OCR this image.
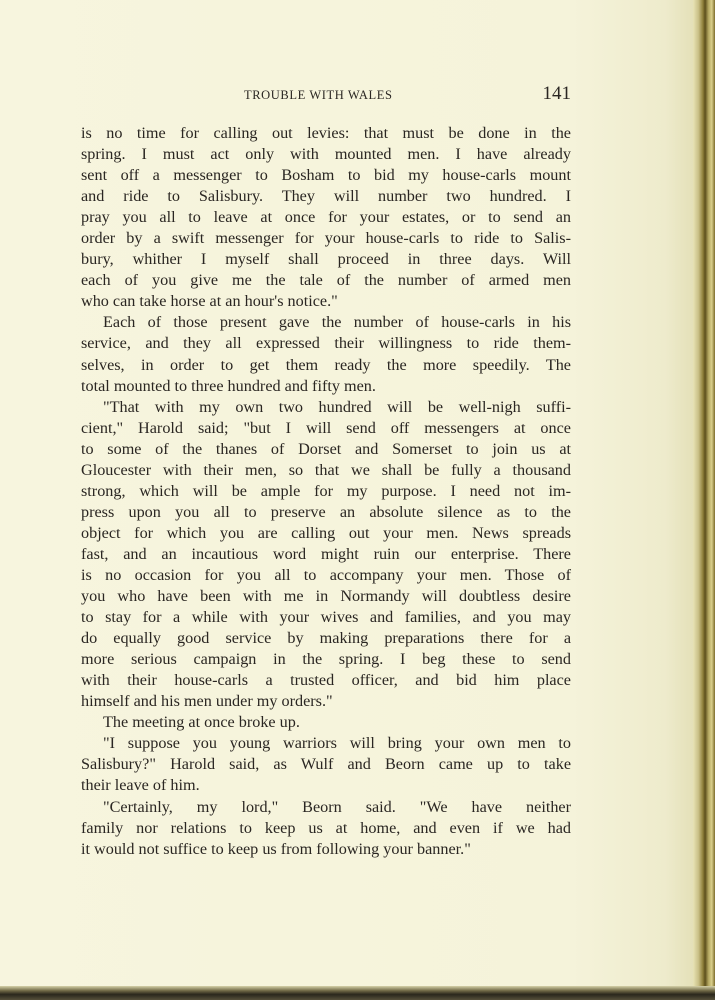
TROUBLE WITH WALES	141
is no time for calling out levies: that must be done in the
spring. I must act only with mounted men. I have already
sent off a messenger to Bosham to bid my house-carls mount
and ride to Salisbury. They will number two hundred. I
pray you all to leave at once for your estates, or to send an
order by a swift messenger for your house-carls to ride to Salis-
bury, whither I myself shall proceed in three days. Will
each of you give me the tale of the number of armed men
who can take horse at an hour's notice."
Each of those present gave the number of house-carls in his
service, and they all expressed their willingness to ride them-
selves, in order to get them ready the more speedily. The
total mounted to three hundred and fifty men.
"That with my own two hundred will be well-nigh suffi-
cient," Harold said; "but I will send off messengers at once
to some of the thanes of Dorset and Somerset to join us at
Gloucester with their men, so that we shall be fully a thousand
strong, which will be ample for my purpose. I need not im-
press upon you all to preserve an absolute silence as to the
object for which you are calling out your men. News spreads
fast, and an incautious word might ruin our enterprise. There
is no occasion for you all to accompany your men. Those of
you who have been with me in Normandy will doubtless desire
to stay for a while with your wives and families, and you may
do equally good service by making preparations there for a
more serious campaign in the spring. I beg these to send
with their house-carls a trusted officer, and bid him place
himself and his men under my orders."
The meeting at once broke up.
"I suppose you young warriors will bring your own men to
Salisbury?" Harold said, as Wulf and Beorn came up to take
their leave of him.
"Certainly, my lord," Beorn said. "We have neither
family nor relations to keep us at home, and even if we had
it would not suffice to keep us from following your banner."
